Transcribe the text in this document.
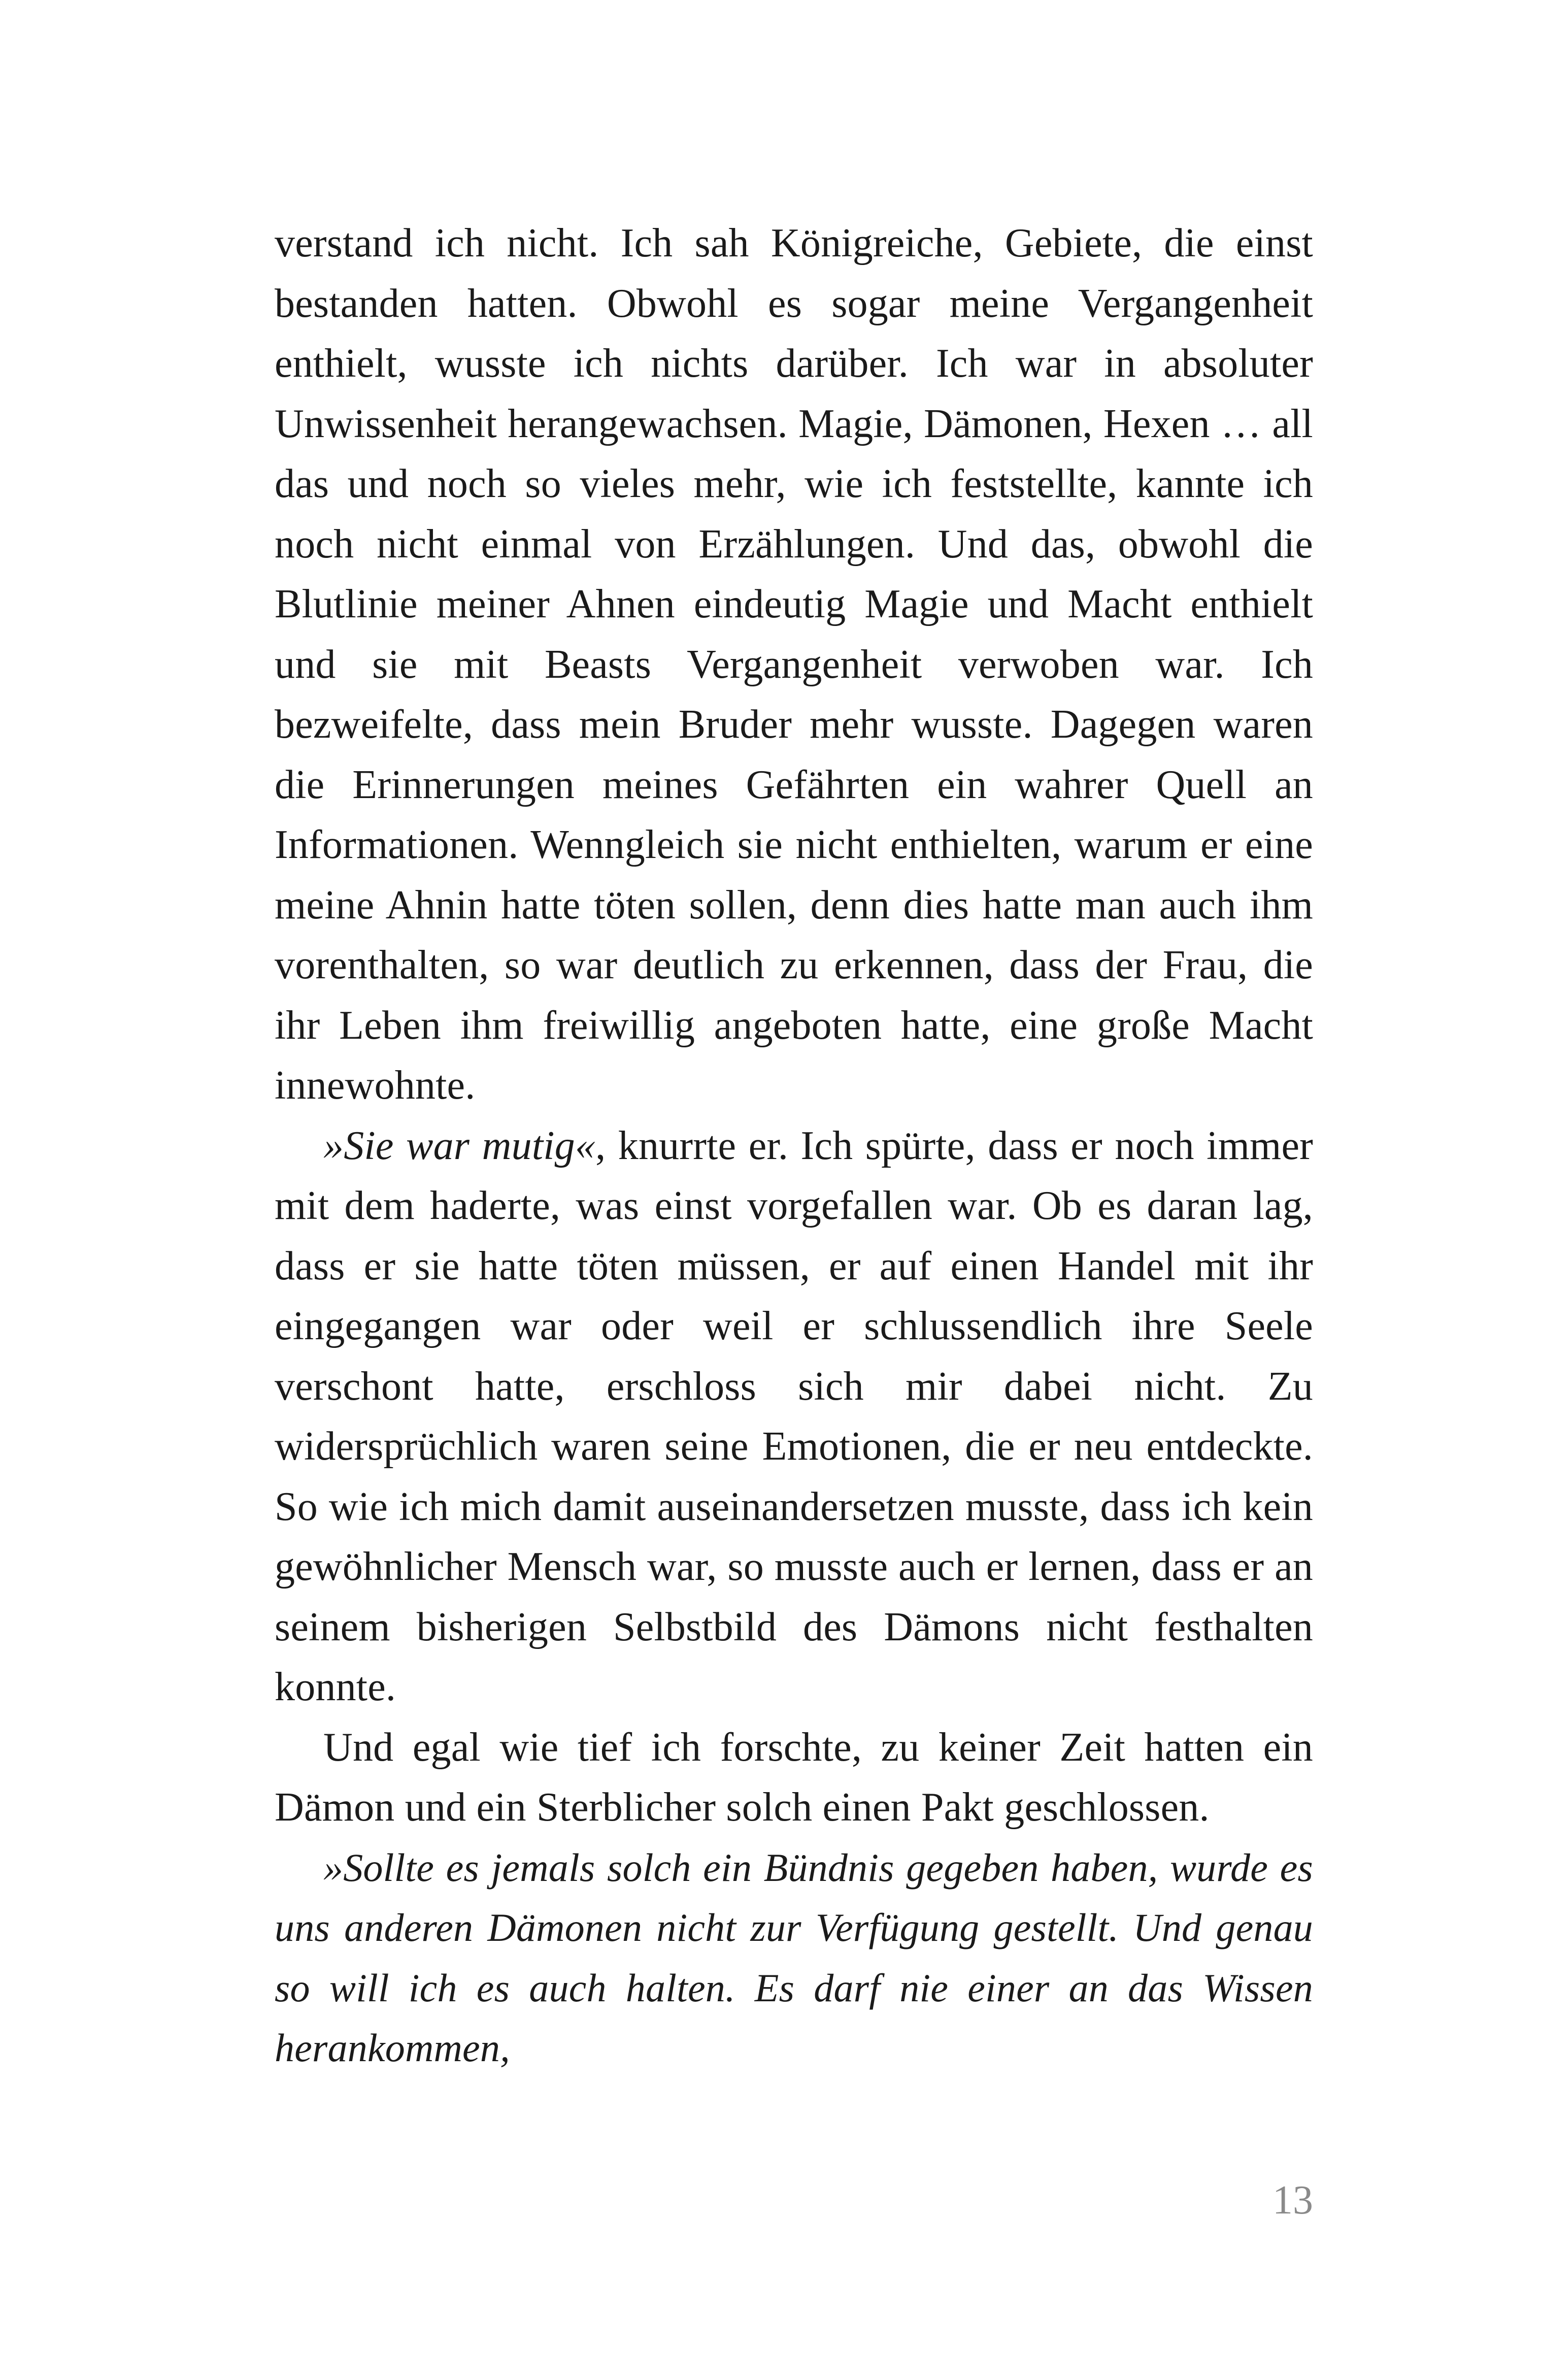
verstand ich nicht. Ich sah Königreiche, Gebiete, die einst bestanden hatten. Obwohl es sogar meine Vergangenheit enthielt, wusste ich nichts darüber. Ich war in absoluter Unwissenheit herangewachsen. Magie, Dämonen, Hexen … all das und noch so vieles mehr, wie ich feststellte, kannte ich noch nicht einmal von Erzählungen. Und das, obwohl die Blutlinie meiner Ahnen eindeutig Magie und Macht enthielt und sie mit Beasts Vergangenheit verwoben war. Ich bezweifelte, dass mein Bruder mehr wusste. Dagegen waren die Erinnerungen meines Gefährten ein wahrer Quell an Informationen. Wenngleich sie nicht enthielten, warum er eine meine Ahnin hatte töten sollen, denn dies hatte man auch ihm vorenthalten, so war deutlich zu erkennen, dass der Frau, die ihr Leben ihm freiwillig angeboten hatte, eine große Macht innewohnte.

»Sie war mutig«, knurrte er. Ich spürte, dass er noch immer mit dem haderte, was einst vorgefallen war. Ob es daran lag, dass er sie hatte töten müssen, er auf einen Handel mit ihr eingegangen war oder weil er schlussendlich ihre Seele verschont hatte, erschloss sich mir dabei nicht. Zu widersprüchlich waren seine Emotionen, die er neu entdeckte. So wie ich mich damit auseinandersetzen musste, dass ich kein gewöhnlicher Mensch war, so musste auch er lernen, dass er an seinem bisherigen Selbstbild des Dämons nicht festhalten konnte.

Und egal wie tief ich forschte, zu keiner Zeit hatten ein Dämon und ein Sterblicher solch einen Pakt geschlossen.

»Sollte es jemals solch ein Bündnis gegeben haben, wurde es uns anderen Dämonen nicht zur Verfügung gestellt. Und genau so will ich es auch halten. Es darf nie einer an das Wissen herankommen,

13
